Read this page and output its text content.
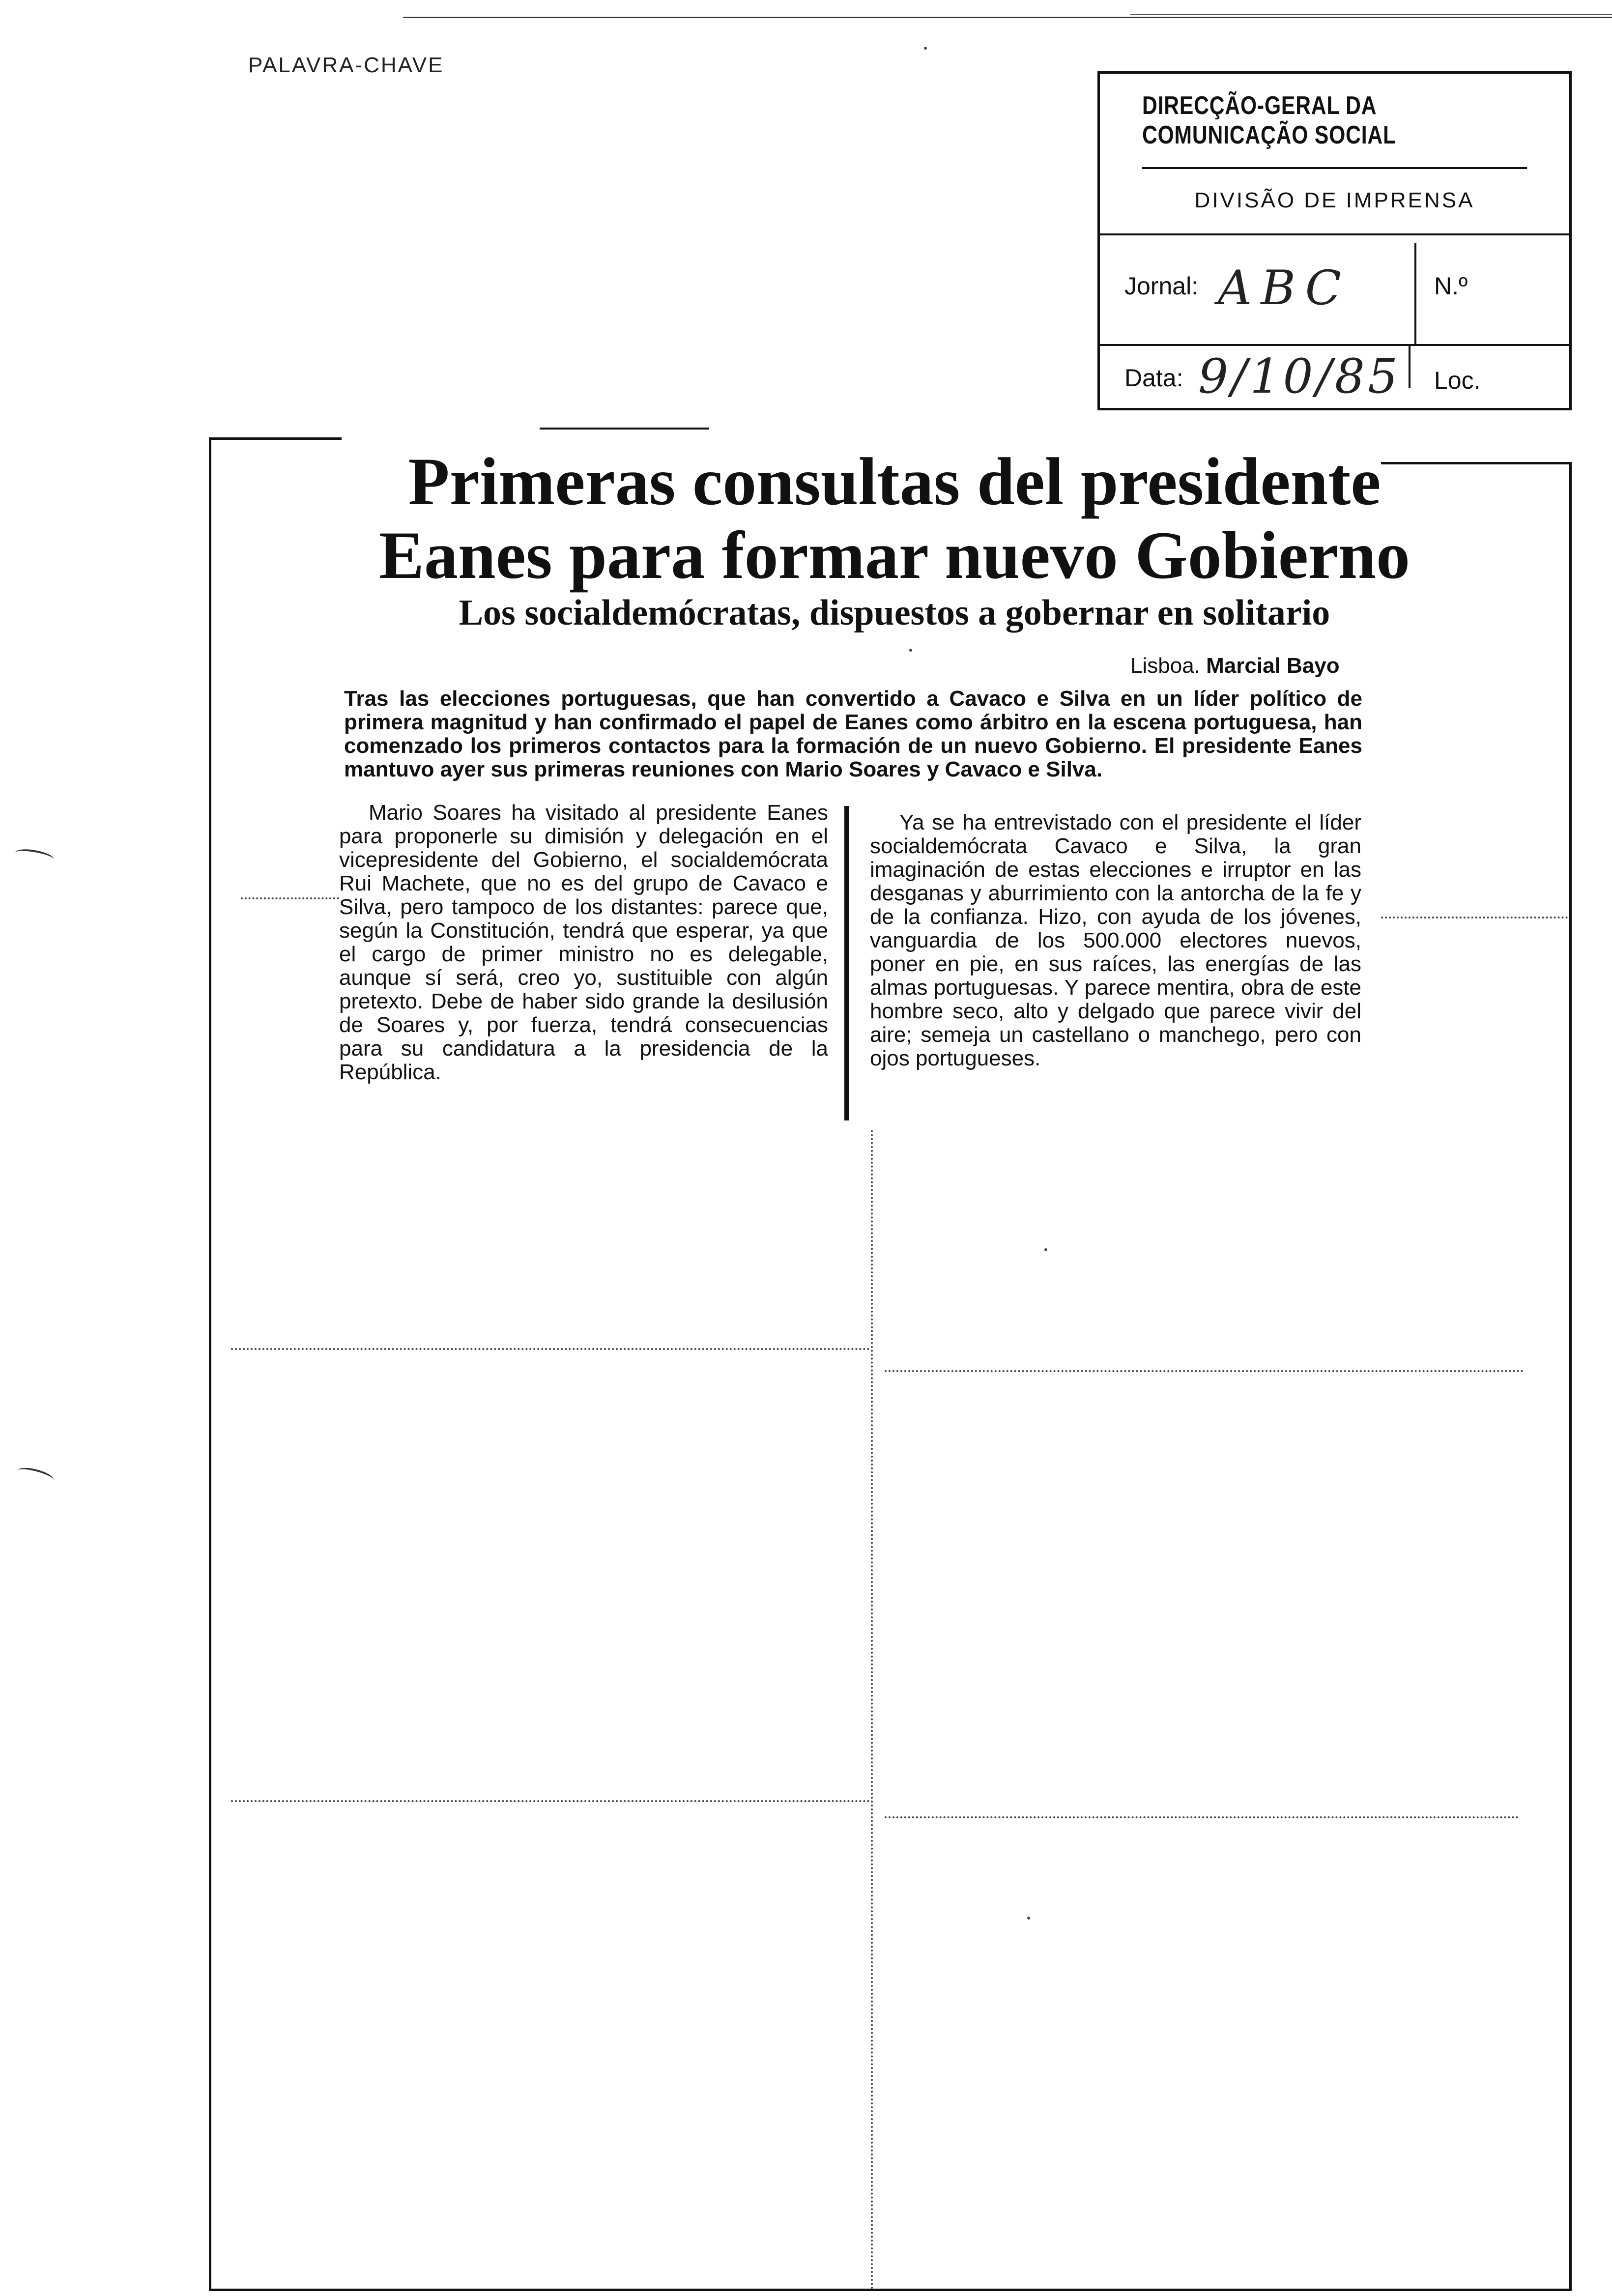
PALAVRA-CHAVE
DIRECÇÃO-GERAL DA COMUNICAÇÃO SOCIAL
DIVISÃO DE IMPRENSA
Jornal: ABC	N.º
Data: 9/10/85 Loc.
Primeras consultas del presidente
Eanes para formar nuevo Gobierno
Los socialdemócratas, dispuestos a gobernar en solitario
Lisboa. Marcial Bayo
Tras las elecciones portuguesas, que han convertido a Cavaco e Silva en un líder político de primera magnitud y han confirmado el papel de Eanes como árbitro en la escena portuguesa, han comenzado los primeros contactos para la formación de un nuevo Gobierno. El presidente Eanes mantuvo ayer sus primeras reuniones con Mario Soares y Cavaco e Silva.
Mario Soares ha visitado al presidente Eanes para proponerle su dimisión y delegación en el vicepresidente del Gobierno, el socialdemócrata Rui Machete, que no es del grupo de Cavaco e Silva, pero tampoco de los distantes: parece que, según la Constitución, tendrá que esperar, ya que el cargo de primer ministro no es delegable, aunque sí será, creo yo, sustituible con algún pretexto. Debe de haber sido grande la desilusión de Soares y, por fuerza, tendrá consecuencias para su candidatura a la presidencia de la República.
Ya se ha entrevistado con el presidente el líder socialdemócrata Cavaco e Silva, la gran imaginación de estas elecciones e irruptor en las desganas y aburrimiento con la antorcha de la fe y de la confianza. Hizo, con ayuda de los jóvenes, vanguardia de los 500.000 electores nuevos, poner en pie, en sus raíces, las energías de las almas portuguesas. Y parece mentira, obra de este hombre seco, alto y delgado que parece vivir del aire; semeja un castellano o manchego, pero con ojos portugueses.
